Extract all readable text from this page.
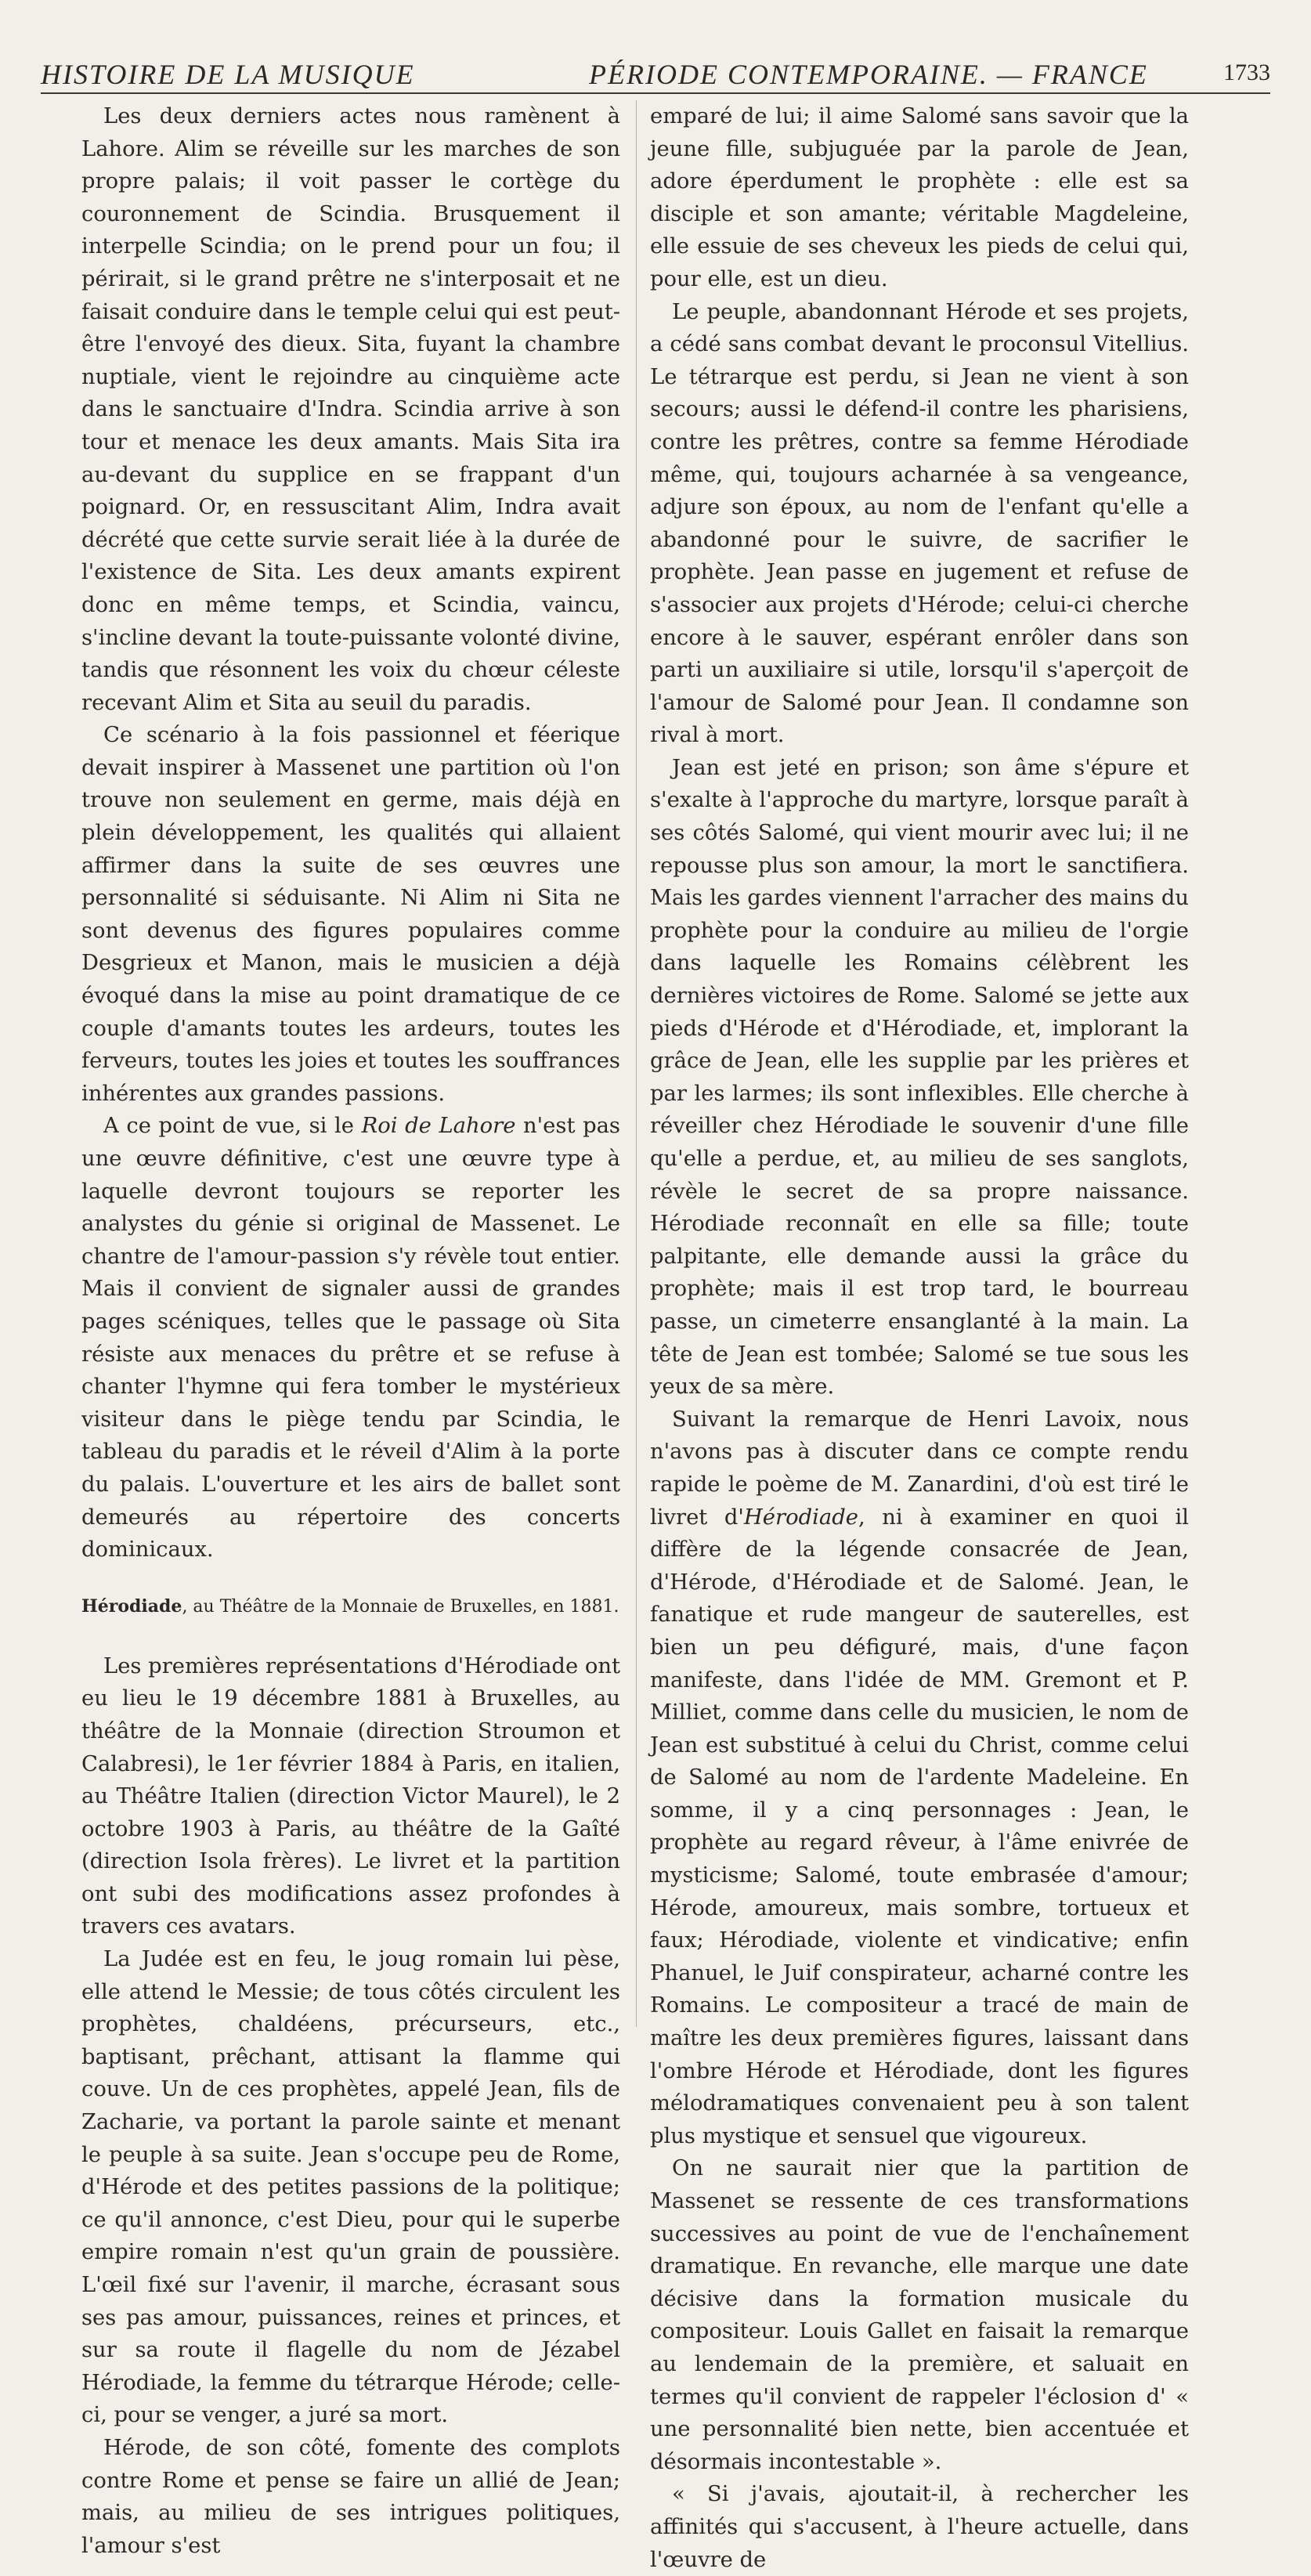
HISTOIRE DE LA MUSIQUE	PÉRIODE CONTEMPORAINE. — FRANCE	1733

Les deux derniers actes nous ramènent à Lahore. Alim se réveille sur les marches de son propre palais; il voit passer le cortège du couronnement de Scindia. Brusquement il interpelle Scindia; on le prend pour un fou; il périrait, si le grand prêtre ne s'interposait et ne faisait conduire dans le temple celui qui est peut-être l'envoyé des dieux. Sita, fuyant la chambre nuptiale, vient le rejoindre au cinquième acte dans le sanctuaire d'Indra. Scindia arrive à son tour et menace les deux amants. Mais Sita ira au-devant du supplice en se frappant d'un poignard. Or, en ressuscitant Alim, Indra avait décrété que cette survie serait liée à la durée de l'existence de Sita. Les deux amants expirent donc en même temps, et Scindia, vaincu, s'incline devant la toute-puissante volonté divine, tandis que résonnent les voix du chœur céleste recevant Alim et Sita au seuil du paradis.

Ce scénario à la fois passionnel et féerique devait inspirer à Massenet une partition où l'on trouve non seulement en germe, mais déjà en plein développement, les qualités qui allaient affirmer dans la suite de ses œuvres une personnalité si séduisante. Ni Alim ni Sita ne sont devenus des figures populaires comme Desgrieux et Manon, mais le musicien a déjà évoqué dans la mise au point dramatique de ce couple d'amants toutes les ardeurs, toutes les ferveurs, toutes les joies et toutes les souffrances inhérentes aux grandes passions.

A ce point de vue, si le Roi de Lahore n'est pas une œuvre définitive, c'est une œuvre type à laquelle devront toujours se reporter les analystes du génie si original de Massenet. Le chantre de l'amour-passion s'y révèle tout entier. Mais il convient de signaler aussi de grandes pages scéniques, telles que le passage où Sita résiste aux menaces du prêtre et se refuse à chanter l'hymne qui fera tomber le mystérieux visiteur dans le piège tendu par Scindia, le tableau du paradis et le réveil d'Alim à la porte du palais. L'ouverture et les airs de ballet sont demeurés au répertoire des concerts dominicaux.

Hérodiade, au Théâtre de la Monnaie de Bruxelles, en 1881.

Les premières représentations d'Hérodiade ont eu lieu le 19 décembre 1881 à Bruxelles, au théâtre de la Monnaie (direction Stroumon et Calabresi), le 1er février 1884 à Paris, en italien, au Théâtre Italien (direction Victor Maurel), le 2 octobre 1903 à Paris, au théâtre de la Gaîté (direction Isola frères). Le livret et la partition ont subi des modifications assez profondes à travers ces avatars.

La Judée est en feu, le joug romain lui pèse, elle attend le Messie; de tous côtés circulent les prophètes, chaldéens, précurseurs, etc., baptisant, prêchant, attisant la flamme qui couve. Un de ces prophètes, appelé Jean, fils de Zacharie, va portant la parole sainte et menant le peuple à sa suite. Jean s'occupe peu de Rome, d'Hérode et des petites passions de la politique; ce qu'il annonce, c'est Dieu, pour qui le superbe empire romain n'est qu'un grain de poussière. L'œil fixé sur l'avenir, il marche, écrasant sous ses pas amour, puissances, reines et princes, et sur sa route il flagelle du nom de Jézabel Hérodiade, la femme du tétrarque Hérode; celle-ci, pour se venger, a juré sa mort.

Hérode, de son côté, fomente des complots contre Rome et pense se faire un allié de Jean; mais, au milieu de ses intrigues politiques, l'amour s'est

emparé de lui; il aime Salomé sans savoir que la jeune fille, subjuguée par la parole de Jean, adore éperdument le prophète : elle est sa disciple et son amante; véritable Magdeleine, elle essuie de ses cheveux les pieds de celui qui, pour elle, est un dieu.

Le peuple, abandonnant Hérode et ses projets, a cédé sans combat devant le proconsul Vitellius. Le tétrarque est perdu, si Jean ne vient à son secours; aussi le défend-il contre les pharisiens, contre les prêtres, contre sa femme Hérodiade même, qui, toujours acharnée à sa vengeance, adjure son époux, au nom de l'enfant qu'elle a abandonné pour le suivre, de sacrifier le prophète. Jean passe en jugement et refuse de s'associer aux projets d'Hérode; celui-ci cherche encore à le sauver, espérant enrôler dans son parti un auxiliaire si utile, lorsqu'il s'aperçoit de l'amour de Salomé pour Jean. Il condamne son rival à mort.

Jean est jeté en prison; son âme s'épure et s'exalte à l'approche du martyre, lorsque paraît à ses côtés Salomé, qui vient mourir avec lui; il ne repousse plus son amour, la mort le sanctifiera. Mais les gardes viennent l'arracher des mains du prophète pour la conduire au milieu de l'orgie dans laquelle les Romains célèbrent les dernières victoires de Rome. Salomé se jette aux pieds d'Hérode et d'Hérodiade, et, implorant la grâce de Jean, elle les supplie par les prières et par les larmes; ils sont inflexibles. Elle cherche à réveiller chez Hérodiade le souvenir d'une fille qu'elle a perdue, et, au milieu de ses sanglots, révèle le secret de sa propre naissance. Hérodiade reconnaît en elle sa fille; toute palpitante, elle demande aussi la grâce du prophète; mais il est trop tard, le bourreau passe, un cimeterre ensanglanté à la main. La tête de Jean est tombée; Salomé se tue sous les yeux de sa mère.

Suivant la remarque de Henri Lavoix, nous n'avons pas à discuter dans ce compte rendu rapide le poème de M. Zanardini, d'où est tiré le livret d'Hérodiade, ni à examiner en quoi il diffère de la légende consacrée de Jean, d'Hérode, d'Hérodiade et de Salomé. Jean, le fanatique et rude mangeur de sauterelles, est bien un peu défiguré, mais, d'une façon manifeste, dans l'idée de MM. Gremont et P. Milliet, comme dans celle du musicien, le nom de Jean est substitué à celui du Christ, comme celui de Salomé au nom de l'ardente Madeleine. En somme, il y a cinq personnages : Jean, le prophète au regard rêveur, à l'âme enivrée de mysticisme; Salomé, toute embrasée d'amour; Hérode, amoureux, mais sombre, tortueux et faux; Hérodiade, violente et vindicative; enfin Phanuel, le Juif conspirateur, acharné contre les Romains. Le compositeur a tracé de main de maître les deux premières figures, laissant dans l'ombre Hérode et Hérodiade, dont les figures mélodramatiques convenaient peu à son talent plus mystique et sensuel que vigoureux.

On ne saurait nier que la partition de Massenet se ressente de ces transformations successives au point de vue de l'enchaînement dramatique. En revanche, elle marque une date décisive dans la formation musicale du compositeur. Louis Gallet en faisait la remarque au lendemain de la première, et saluait en termes qu'il convient de rappeler l'éclosion d' « une personnalité bien nette, bien accentuée et désormais incontestable ».

« Si j'avais, ajoutait-il, à rechercher les affinités qui s'accusent, à l'heure actuelle, dans l'œuvre de
